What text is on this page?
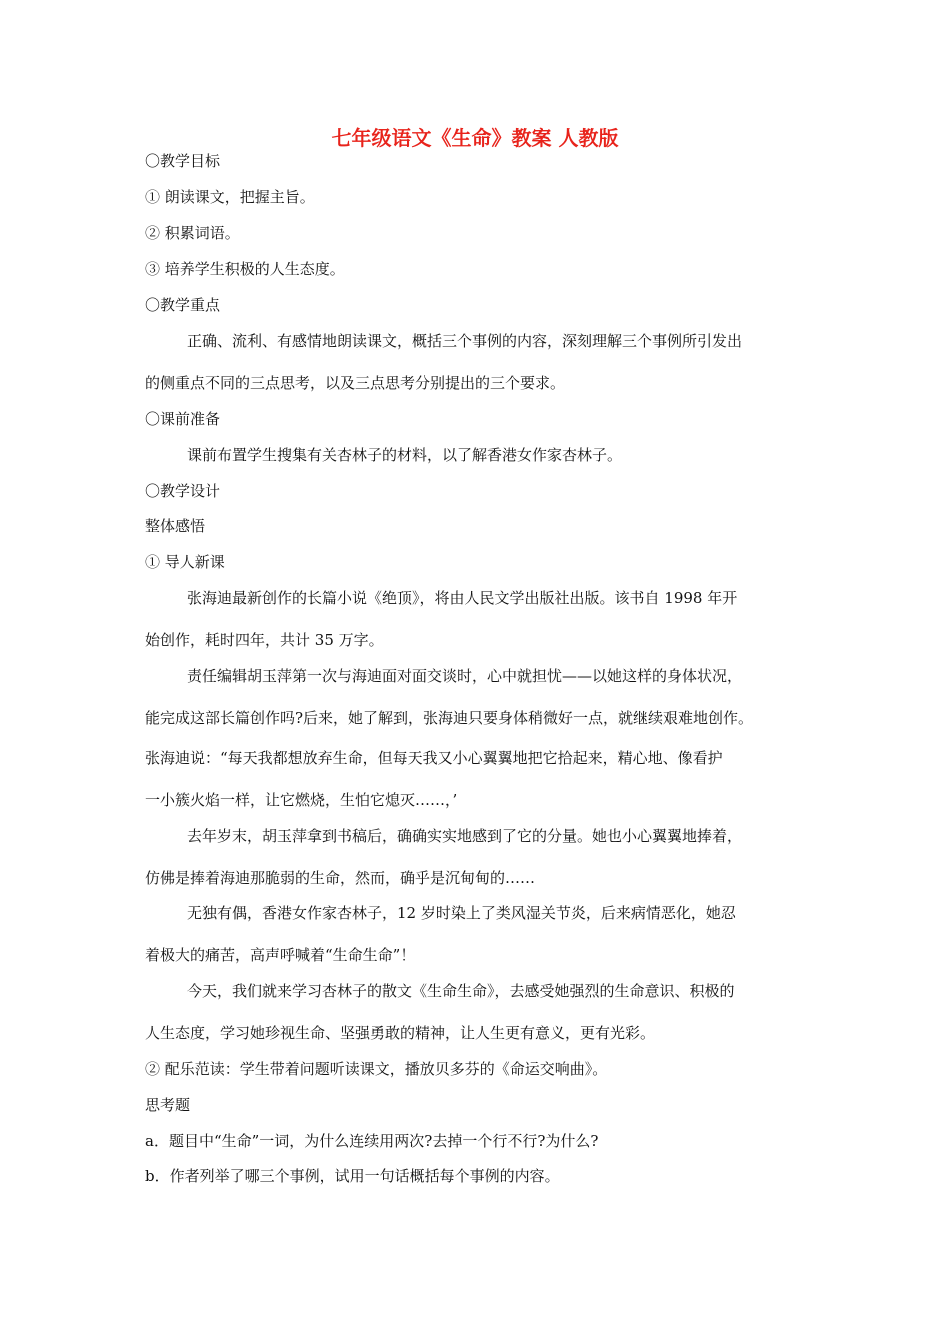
七年级语文《生命》教案 人教版
〇教学目标
① 朗读课文，把握主旨。
② 积累词语。
③ 培养学生积极的人生态度。
〇教学重点
正确、流利、有感情地朗读课文，概括三个事例的内容，深刻理解三个事例所引发出
的侧重点不同的三点思考，以及三点思考分别提出的三个要求。
〇课前准备
课前布置学生搜集有关杏林子的材料，以了解香港女作家杏林子。
〇教学设计
整体感悟
① 导人新课
张海迪最新创作的长篇小说《绝顶》，将由人民文学出版社出版。该书自 1998 年开
始创作，耗时四年，共计 35 万字。
责任编辑胡玉萍第一次与海迪面对面交谈时，心中就担忧——以她这样的身体状况，
能完成这部长篇创作吗?后来，她了解到，张海迪只要身体稍微好一点，就继续艰难地创作。
张海迪说：“每天我都想放弃生命，但每天我又小心翼翼地把它拾起来，精心地、像看护
一小簇火焰一样，让它燃烧，生怕它熄灭……，’
去年岁末，胡玉萍拿到书稿后，确确实实地感到了它的分量。她也小心翼翼地捧着，
仿佛是捧着海迪那脆弱的生命，然而，确乎是沉甸甸的……
无独有偶，香港女作家杏林子，12 岁时染上了类风湿关节炎，后来病情恶化，她忍
着极大的痛苦，高声呼喊着“生命生命”！
今天，我们就来学习杏林子的散文《生命生命》，去感受她强烈的生命意识、积极的
人生态度，学习她珍视生命、坚强勇敢的精神，让人生更有意义，更有光彩。
② 配乐范读：学生带着问题听读课文，播放贝多芬的《命运交响曲》。
思考题
a．题目中“生命”一词，为什么连续用两次?去掉一个行不行?为什么?
b．作者列举了哪三个事例，试用一句话概括每个事例的内容。
